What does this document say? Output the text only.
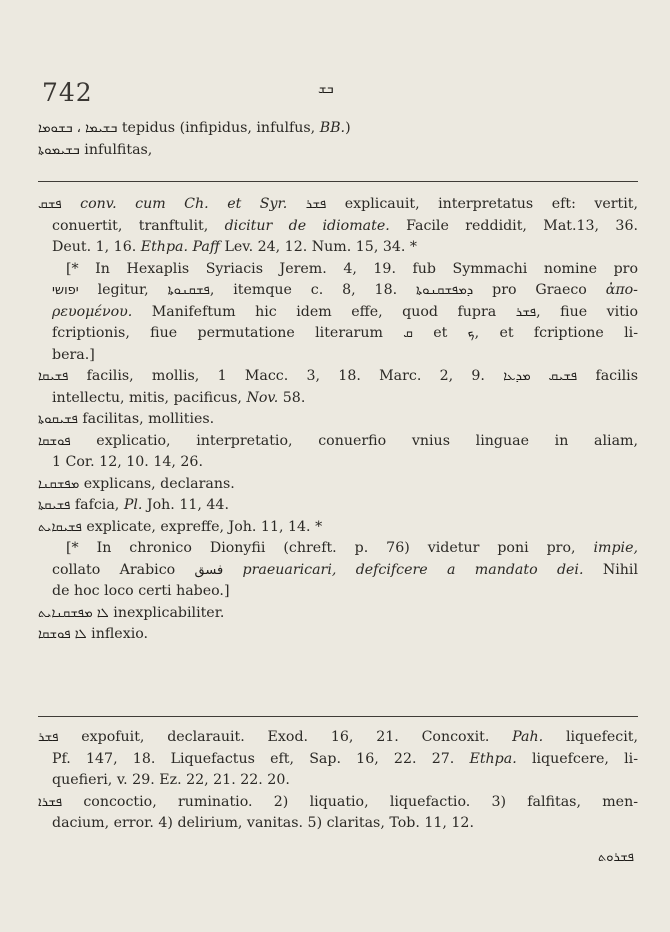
742	ܒܫ
ܒܫܝܡܐ ، ܒܫܘܡܐ tepidus (infipidus, infulfus, BB.)
ܒܫܝܡܘܬܐ infulfitas,
ܦܫܩ conv. cum Ch. et Syr. ܦܫܪ explicauit, interpretatus eft: vertit,
conuertit, tranftulit, dicitur de idiomate. Facile reddidit, Mat.13, 36.
Deut. 1, 16. Ethpa. Paff Lev. 24, 12. Num. 15, 34. *
[* In Hexaplis Syriacis Jerem. 4, 19. fub Symmachi nomine pro
יפושי legitur, ܦܫܩܢܘܬܐ, itemque c. 8, 18. ܕܡܦܫܩܢܘܬܐ pro Graeco ἀπο-
ρευομένου. Manifeftum hic idem effe, quod fupra ܦܫܪ, fiue vitio
fcriptionis, fiue permutatione literarum ܩ et ܟ, et fcriptione li-
bera.]
ܦܫܝܩܐ facilis, mollis, 1 Macc. 3, 18. Marc. 2, 9. ܦܫܝܩ ܡܕܥܐ facilis
intellectu, mitis, pacificus, Nov. 58.
ܦܫܝܩܘܬܐ facilitas, mollities.
ܦܘܫܩܐ explicatio, interpretatio, conuerfio vnius linguae in aliam,
1 Cor. 12, 10. 14, 26.
ܡܦܫܩܢܐ explicans, declarans.
ܦܫܝܩܬܐ fafcia, Pl. Joh. 11, 44.
ܦܫܝܩܐܝܬ explicate, expreffe, Joh. 11, 14. *
[* In chronico Dionyfii (chreft. p. 76) videtur poni pro, impie,
collato Arabico فسق praeuaricari, defcifcere a mandato dei. Nihil
de hoc loco certi habeo.]
ܠܐ ܡܦܫܩܢܐܝܬ inexplicabiliter.
ܠܐ ܦܘܫܩܐ inflexio.
ܦܫܪ expofuit, declarauit. Exod. 16, 21. Concoxit. Pah. liquefecit,
Pf. 147, 18. Liquefactus eft, Sap. 16, 22. 27. Ethpa. liquefcere, li-
quefieri, v. 29. Ez. 22, 21. 22. 20.
ܦܫܪܐ concoctio, ruminatio. 2) liquatio, liquefactio. 3) falfitas, men-
dacium, error. 4) delirium, vanitas. 5) claritas, Tob. 11, 12.
ܦܫܪܘܬ
